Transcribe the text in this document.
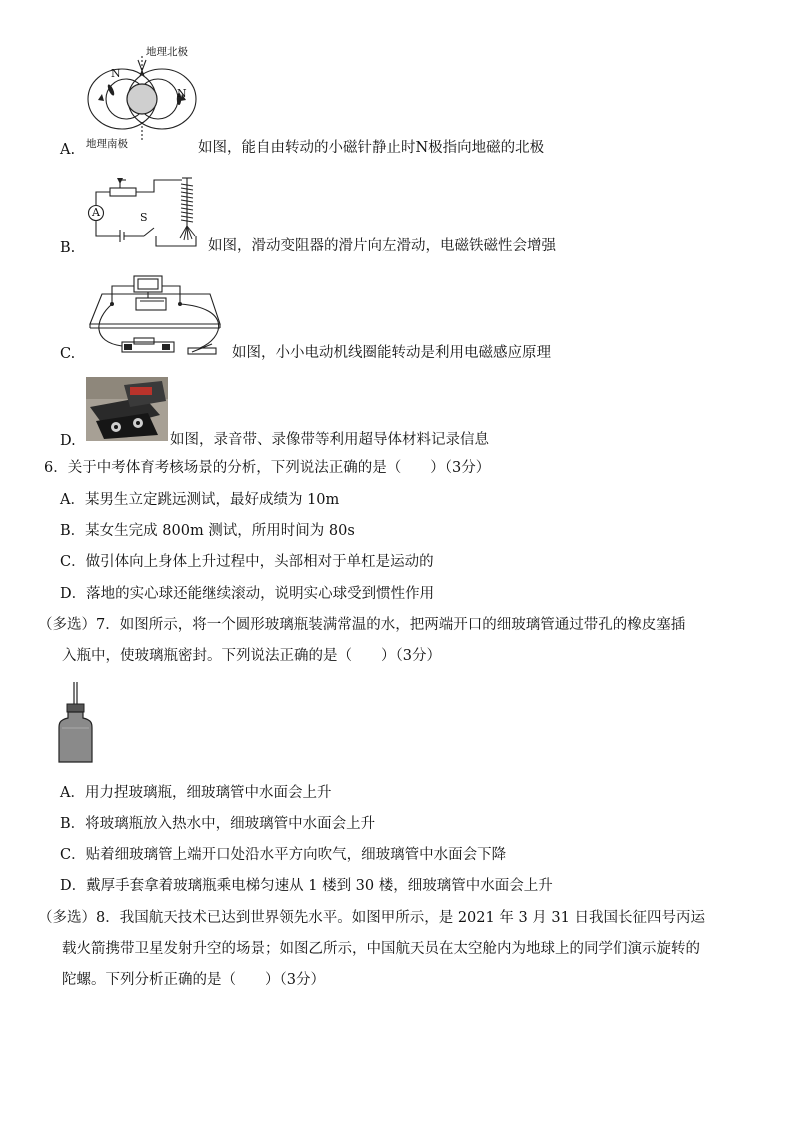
地理北极
N
N
地理南极
A.	如图，能自由转动的小磁针静止时N极指向地磁的北极
A	S
B.	如图，滑动变阻器的滑片向左滑动，电磁铁磁性会增强
C.	如图，小小电动机线圈能转动是利用电磁感应原理
D.	如图，录音带、录像带等利用超导体材料记录信息
6．关于中考体育考核场景的分析，下列说法正确的是（　　）（3分）
A．某男生立定跳远测试，最好成绩为 10m
B．某女生完成 800m 测试，所用时间为 80s
C．做引体向上身体上升过程中，头部相对于单杠是运动的
D．落地的实心球还能继续滚动，说明实心球受到惯性作用
（多选）7．如图所示，将一个圆形玻璃瓶装满常温的水，把两端开口的细玻璃管通过带孔的橡皮塞插
入瓶中，使玻璃瓶密封。下列说法正确的是（　　）（3分）
A．用力捏玻璃瓶，细玻璃管中水面会上升
B．将玻璃瓶放入热水中，细玻璃管中水面会上升
C．贴着细玻璃管上端开口处沿水平方向吹气，细玻璃管中水面会下降
D．戴厚手套拿着玻璃瓶乘电梯匀速从 1 楼到 30 楼，细玻璃管中水面会上升
（多选）8．我国航天技术已达到世界领先水平。如图甲所示，是 2021 年 3 月 31 日我国长征四号丙运
载火箭携带卫星发射升空的场景；如图乙所示，中国航天员在太空舱内为地球上的同学们演示旋转的
陀螺。下列分析正确的是（　　）（3分）
